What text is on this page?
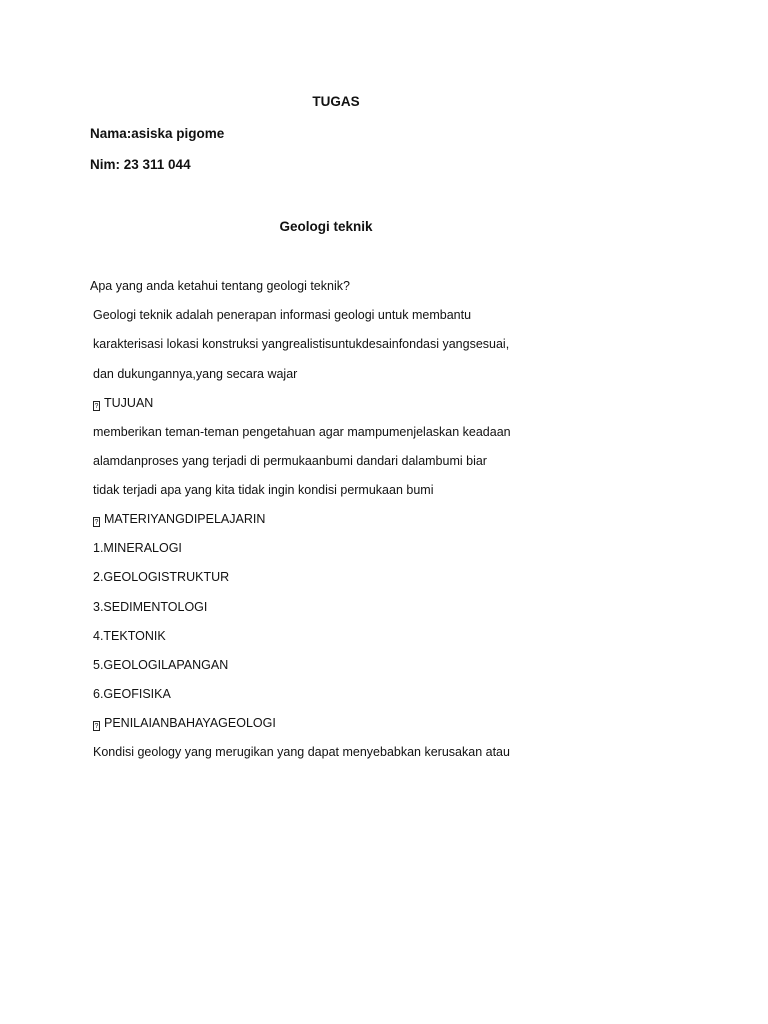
TUGAS
Nama:asiska pigome
Nim: 23 311 044
Geologi teknik
Apa yang anda ketahui tentang geologi teknik?
Geologi teknik adalah penerapan informasi geologi untuk membantu
karakterisasi lokasi konstruksi yangrealistisuntukdesainfondasi yangsesuai,
dan dukungannya,yang secara wajar
? TUJUAN
memberikan teman-teman pengetahuan agar mampumenjelaskan keadaan
alamdanproses yang terjadi di permukaanbumi dandari dalambumi biar
tidak terjadi apa yang kita tidak ingin kondisi permukaan bumi
? MATERIYANGDIPELAJARIN
1.MINERALOGI
2.GEOLOGISTRUKTUR
3.SEDIMENTOLOGI
4.TEKTONIK
5.GEOLOGILAPANGAN
6.GEOFISIKA
? PENILAIANBAHAYAGEOLOGI
Kondisi geology yang merugikan yang dapat menyebabkan kerusakan atau
